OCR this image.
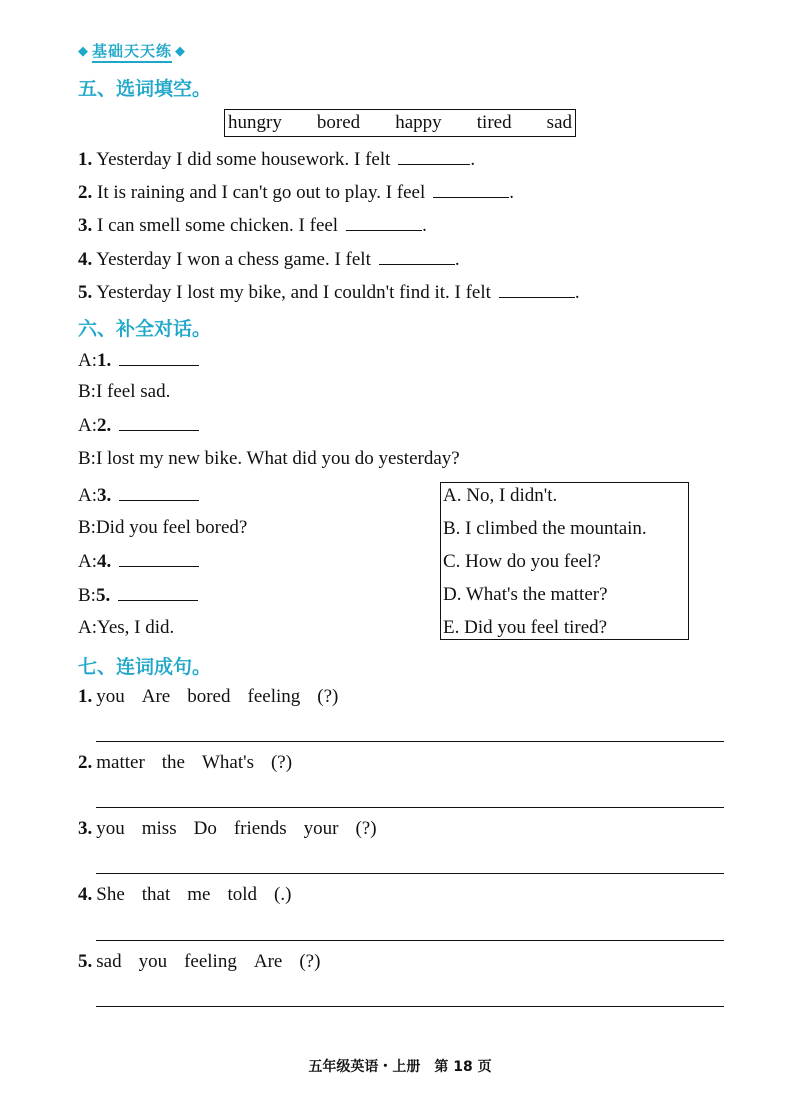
◆ 基础天天练 ◆
五、选词填空。
hungry bored happy tired sad
1. Yesterday I did some housework. I felt	.
2. It is raining and I can't go out to play. I feel	.
3. I can smell some chicken. I feel	.
4. Yesterday I won a chess game. I felt	.
5. Yesterday I lost my bike, and I couldn't find it. I felt	.
六、补全对话。
A:1.
B:I feel sad.
A:2.
B:I lost my new bike. What did you do yesterday?
A:3.
B:Did you feel bored?
A:4.
B:5.
A:Yes, I did.
A. No, I didn't.
B. I climbed the mountain.
C. How do you feel?
D. What's the matter?
E. Did you feel tired?
七、连词成句。
1. you Are bored feeling (?)
2. matter the What's (?)
3. you miss Do friends your (?)
4. She that me told (.)
5. sad you feeling Are (?)
五年级英语・上册　第 18 页
